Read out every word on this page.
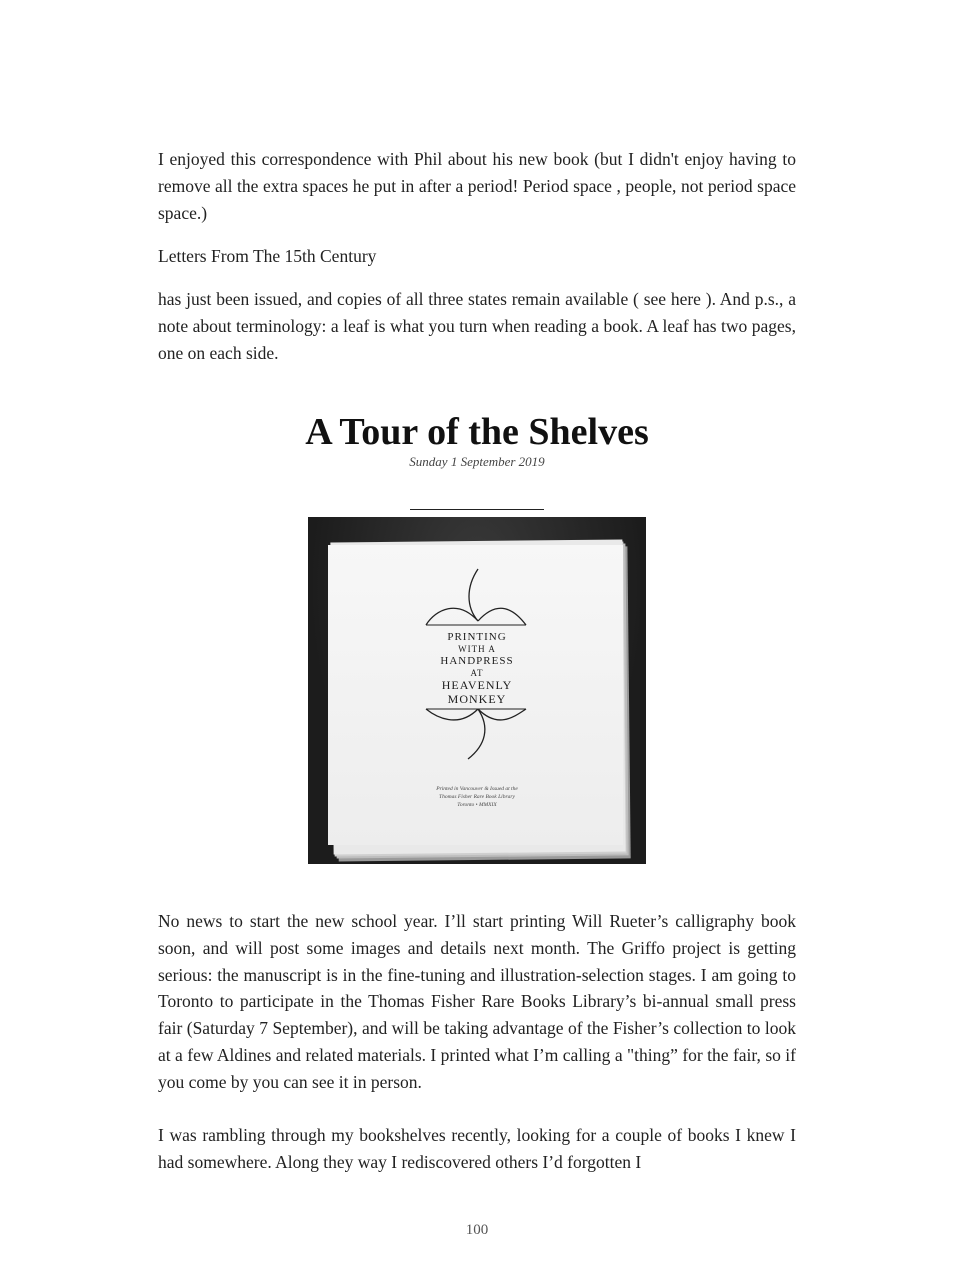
I enjoyed this correspondence with Phil about his new book (but I didn't enjoy having to remove all the extra spaces he put in after a period! Period space , people, not period space space.)

Letters From The 15th Century

has just been issued, and copies of all three states remain available ( see here ). And p.s., a note about terminology: a leaf is what you turn when reading a book. A leaf has two pages, one on each side.

A Tour of the Shelves

Sunday 1 September 2019

PRINTING

WITH A

HANDPRESS

AT

HEAVENLY

MONKEY

Printed in Vancouver & Issued at the

Thomas Fisher Rare Book Library

Toronto • MMXIX

No news to start the new school year. I’ll start printing Will Rueter’s calligraphy book soon, and will post some images and details next month. The Griffo project is getting serious: the manuscript is in the fine-tuning and illustration-selection stages. I am going to Toronto to participate in the Thomas Fisher Rare Books Library’s bi-annual small press fair (Saturday 7 September), and will be taking advantage of the Fisher’s collection to look at a few Aldines and related materials. I printed what I’m calling a "thing” for the fair, so if you come by you can see it in person.

I was rambling through my bookshelves recently, looking for a couple of books I knew I had somewhere. Along they way I rediscovered others I’d forgotten I

100
